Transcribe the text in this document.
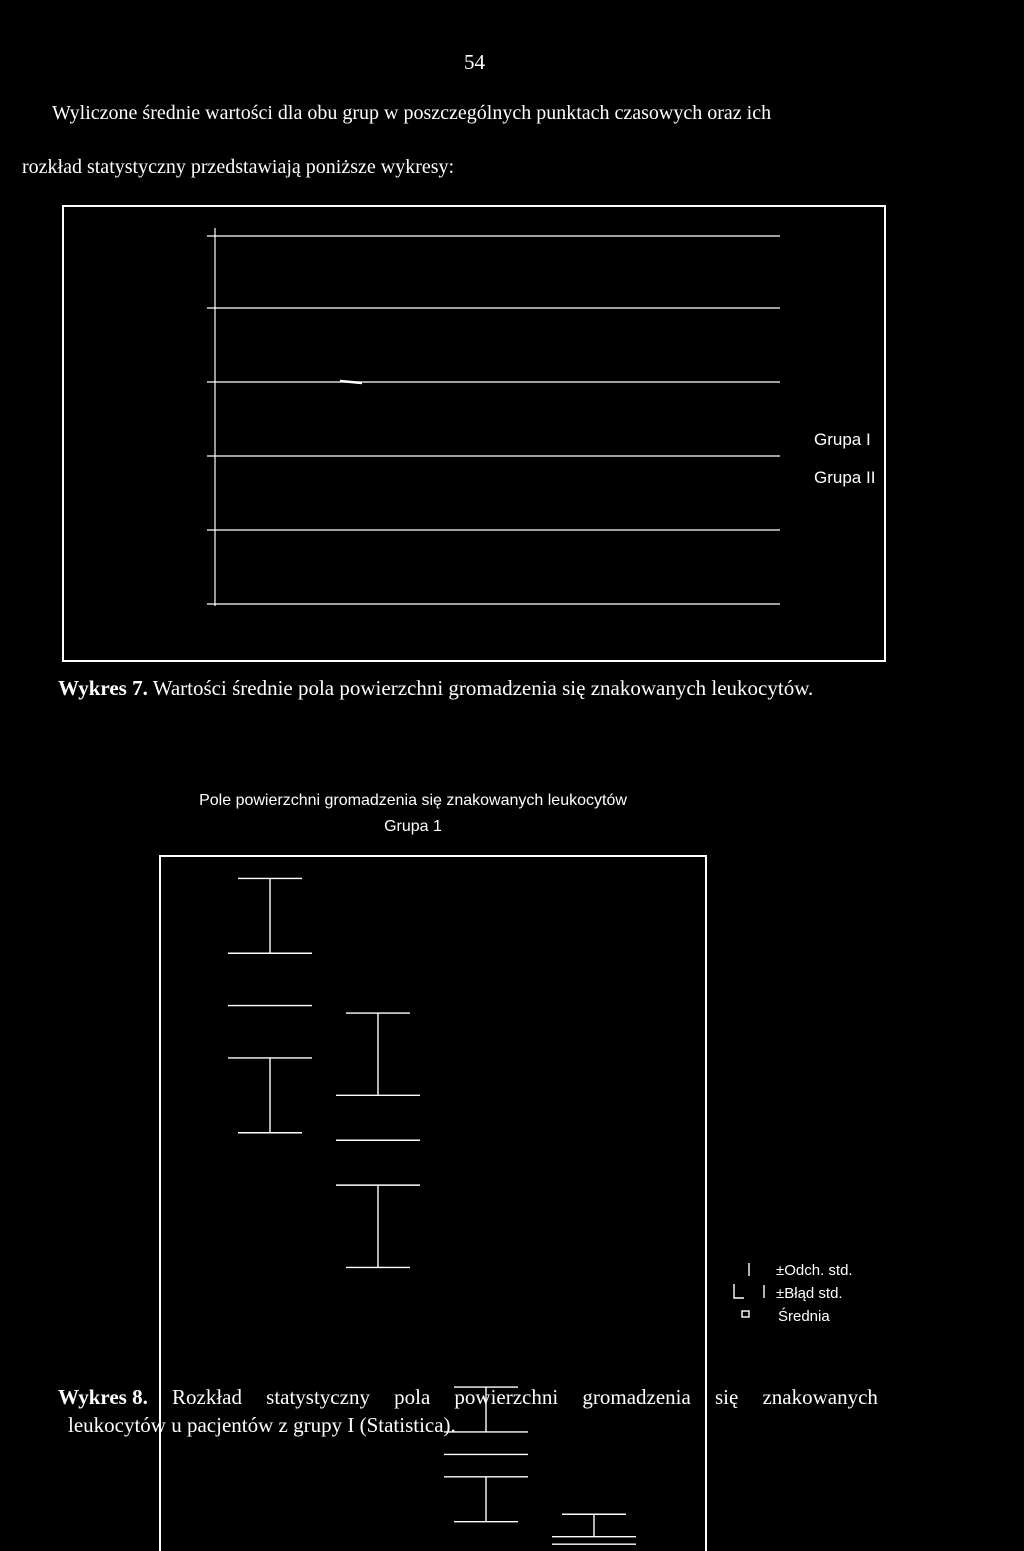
54
Wyliczone średnie wartości dla obu grup w poszczególnych punktach czasowych oraz ich
rozkład statystyczny przedstawiają poniższe wykresy:
Grupa I
Grupa II
Wykres 7. Wartości średnie pola powierzchni gromadzenia się znakowanych leukocytów.
Pole powierzchni gromadzenia się znakowanych leukocytów
Grupa 1
±Odch. std.
±Błąd std.
Średnia
Wykres 8. Rozkład statystyczny pola powierzchni gromadzenia się znakowanych
leukocytów u pacjentów z grupy I (Statistica).
